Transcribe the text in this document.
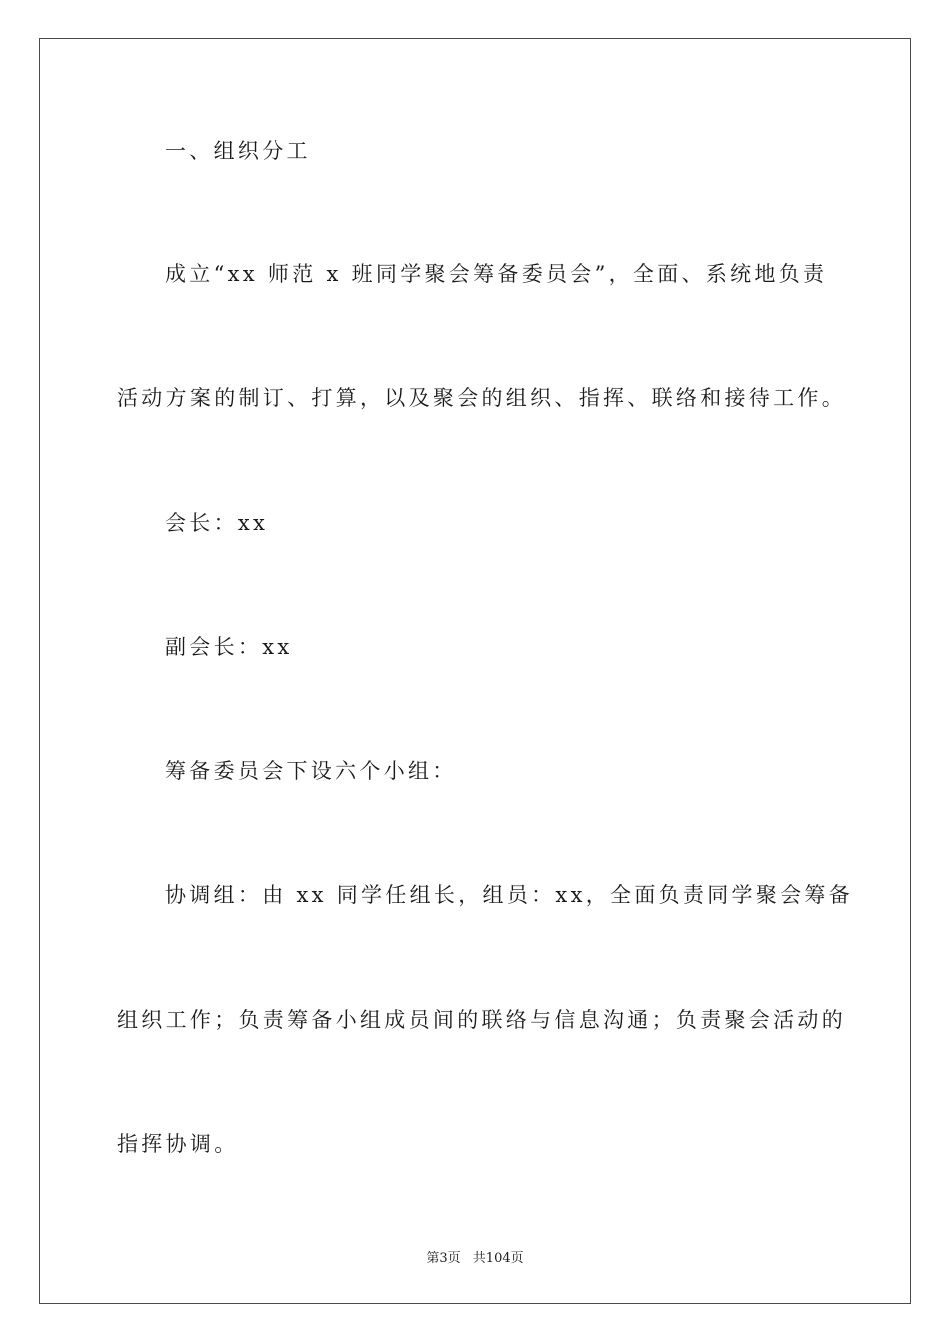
一、组织分工
成立“xx 师范 x 班同学聚会筹备委员会”，全面、系统地负责
活动方案的制订、打算，以及聚会的组织、指挥、联络和接待工作。
会长：xx
副会长：xx
筹备委员会下设六个小组：
协调组：由 xx 同学任组长，组员：xx，全面负责同学聚会筹备
组织工作；负责筹备小组成员间的联络与信息沟通；负责聚会活动的
指挥协调。
第3页 共104页
